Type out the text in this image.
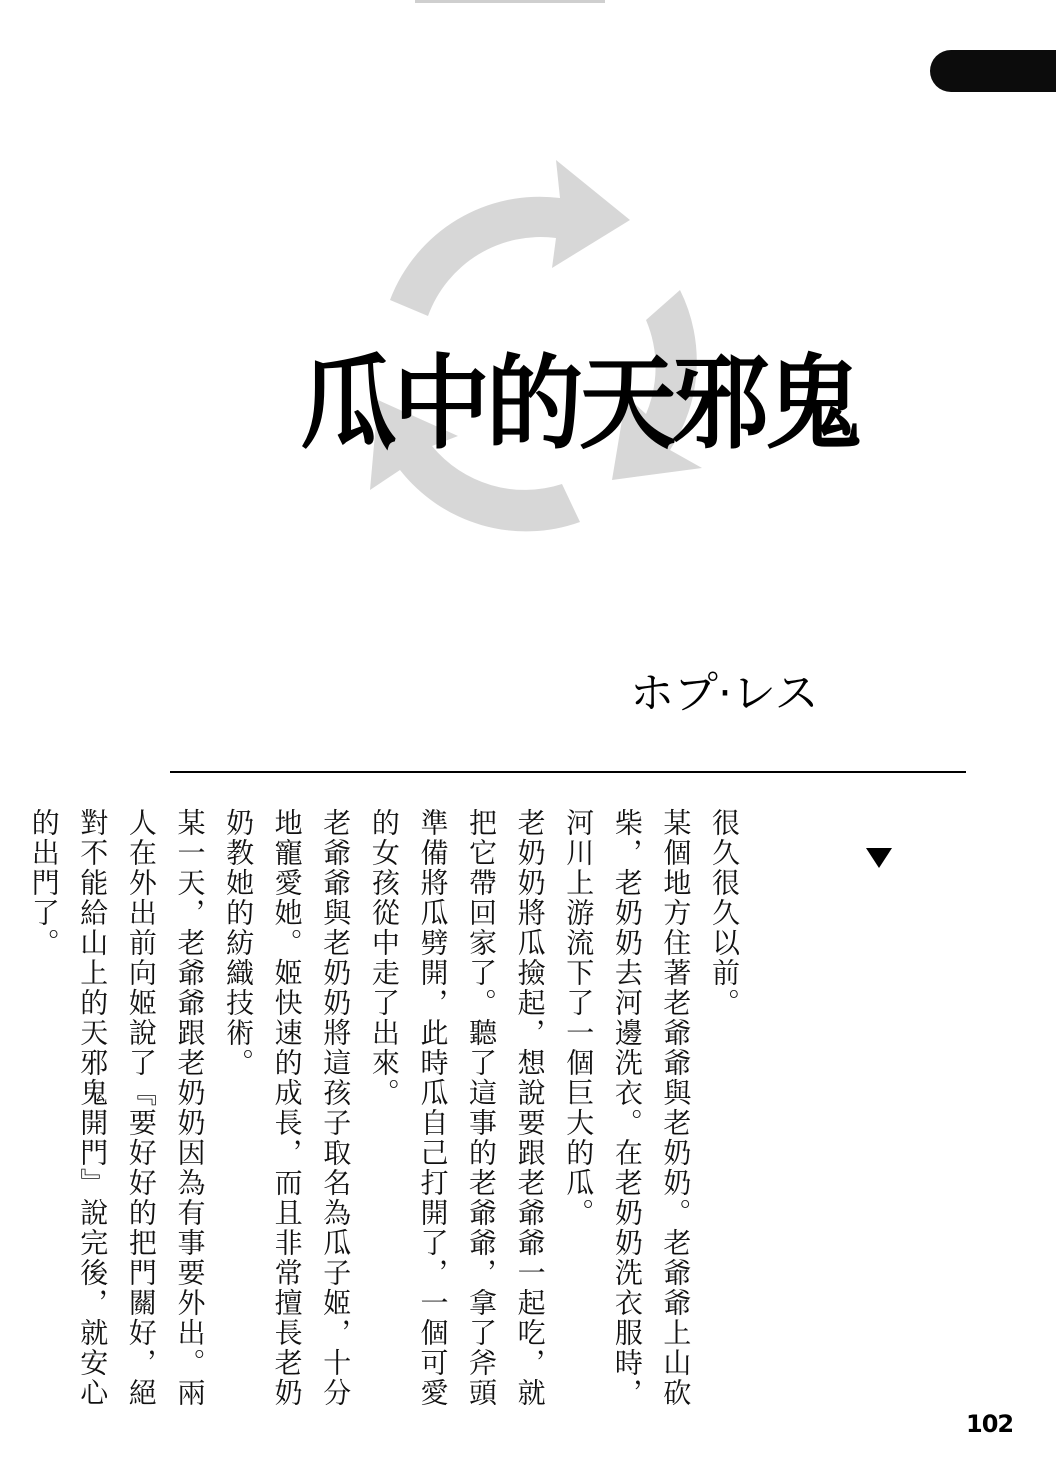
瓜中的天邪鬼
ホプ·レス

很久很久以前。

某個地方住著老爺爺與老奶奶。老爺爺上山砍柴，老奶奶去河邊洗衣。在老奶奶洗衣服時，河川上游流下了一個巨大的瓜。

老奶奶將瓜撿起，想說要跟老爺爺一起吃，就把它帶回家了。聽了這事的老爺爺，拿了斧頭準備將瓜劈開，此時瓜自己打開了，一個可愛的女孩從中走了出來。

老爺爺與老奶奶將這孩子取名為瓜子姬，十分地寵愛她。姬快速的成長，而且非常擅長老奶奶教她的紡織技術。

某一天，老爺爺跟老奶奶因為有事要外出。兩人在外出前向姬說了『要好好的把門關好，絕對不能給山上的天邪鬼開門』說完後，就安心的出門了。

102
